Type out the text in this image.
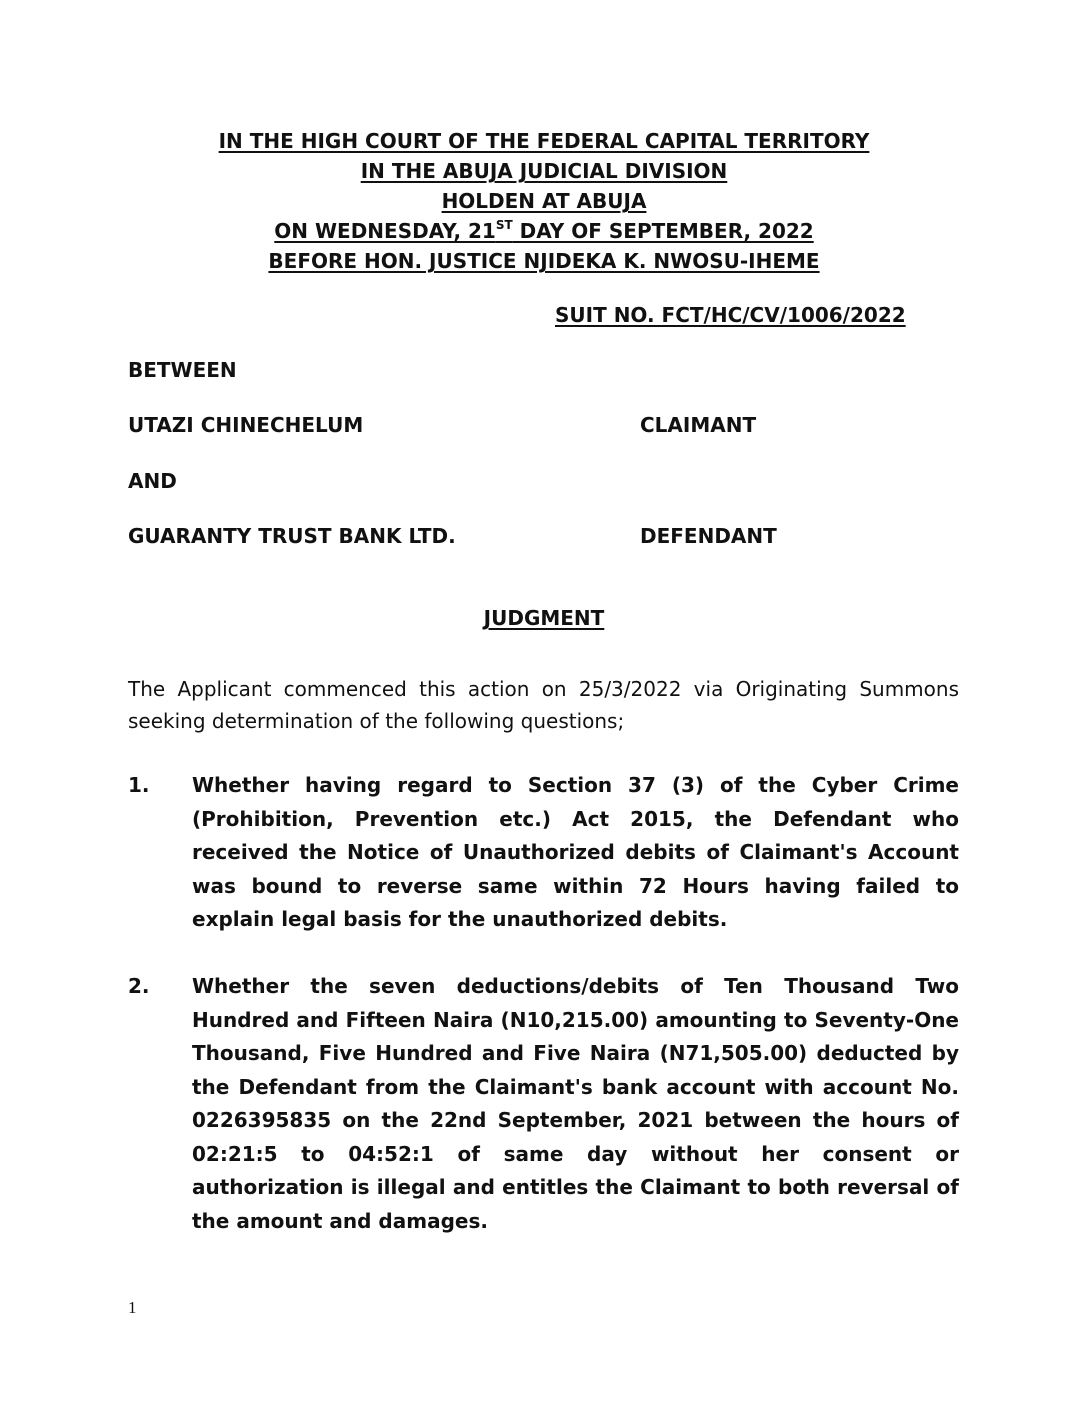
IN THE HIGH COURT OF THE FEDERAL CAPITAL TERRITORY
IN THE ABUJA JUDICIAL DIVISION
HOLDEN AT ABUJA
ON WEDNESDAY, 21ST DAY OF SEPTEMBER, 2022
BEFORE HON. JUSTICE NJIDEKA K. NWOSU-IHEME
SUIT NO. FCT/HC/CV/1006/2022
BETWEEN
UTAZI CHINECHELUM	CLAIMANT
AND
GUARANTY TRUST BANK LTD.	DEFENDANT
JUDGMENT
The Applicant commenced this action on 25/3/2022 via Originating Summons seeking determination of the following questions;
1. Whether having regard to Section 37 (3) of the Cyber Crime (Prohibition, Prevention etc.) Act 2015, the Defendant who received the Notice of Unauthorized debits of Claimant's Account was bound to reverse same within 72 Hours having failed to explain legal basis for the unauthorized debits.
2. Whether the seven deductions/debits of Ten Thousand Two Hundred and Fifteen Naira (N10,215.00) amounting to Seventy-One Thousand, Five Hundred and Five Naira (N71,505.00) deducted by the Defendant from the Claimant's bank account with account No. 0226395835 on the 22nd September, 2021 between the hours of 02:21:5 to 04:52:1 of same day without her consent or authorization is illegal and entitles the Claimant to both reversal of the amount and damages.
1
